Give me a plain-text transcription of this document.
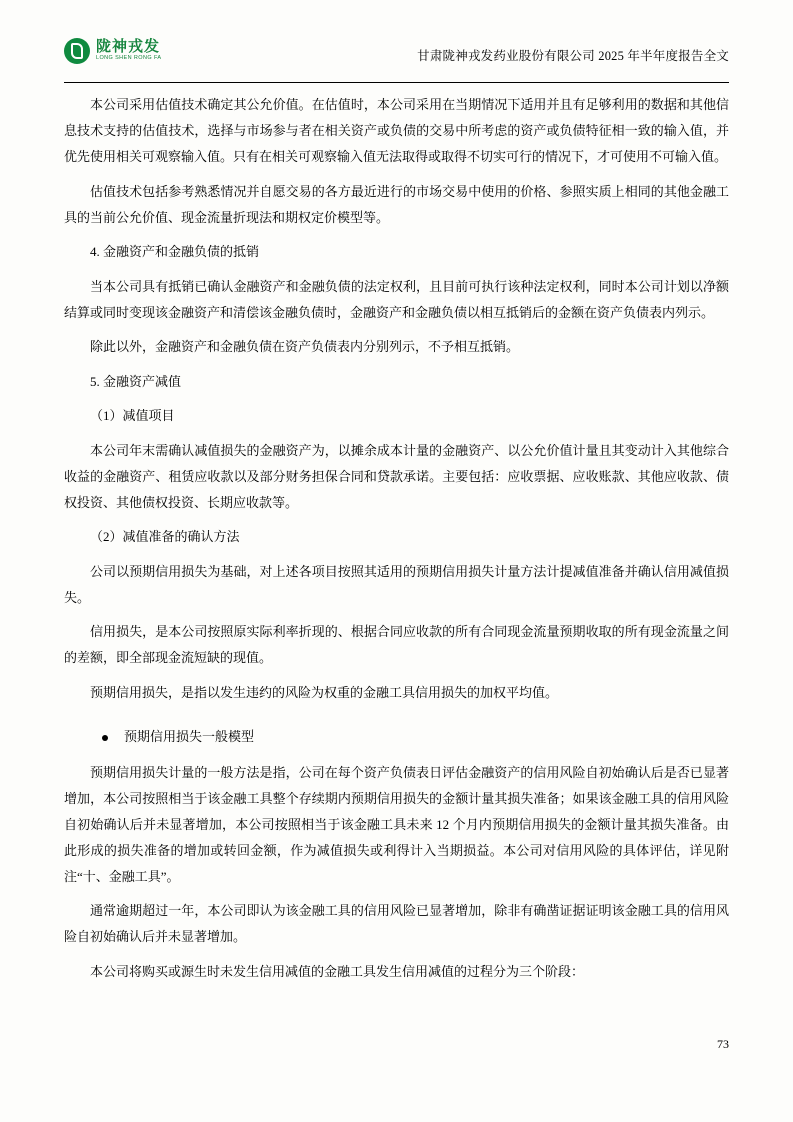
陇神戎发
LONG SHEN RONG FA	甘肃陇神戎发药业股份有限公司 2025 年半年度报告全文

本公司采用估值技术确定其公允价值。在估值时，本公司采用在当期情况下适用并且有足够利用的数据和其他信息技术支持的估值技术，选择与市场参与者在相关资产或负债的交易中所考虑的资产或负债特征相一致的输入值，并优先使用相关可观察输入值。只有在相关可观察输入值无法取得或取得不切实可行的情况下，才可使用不可输入值。

估值技术包括参考熟悉情况并自愿交易的各方最近进行的市场交易中使用的价格、参照实质上相同的其他金融工具的当前公允价值、现金流量折现法和期权定价模型等。

4. 金融资产和金融负债的抵销

当本公司具有抵销已确认金融资产和金融负债的法定权利，且目前可执行该种法定权利，同时本公司计划以净额结算或同时变现该金融资产和清偿该金融负债时，金融资产和金融负债以相互抵销后的金额在资产负债表内列示。

除此以外，金融资产和金融负债在资产负债表内分别列示，不予相互抵销。

5. 金融资产减值

（1）减值项目

本公司年末需确认减值损失的金融资产为，以摊余成本计量的金融资产、以公允价值计量且其变动计入其他综合收益的金融资产、租赁应收款以及部分财务担保合同和贷款承诺。主要包括：应收票据、应收账款、其他应收款、债权投资、其他债权投资、长期应收款等。

（2）减值准备的确认方法

公司以预期信用损失为基础，对上述各项目按照其适用的预期信用损失计量方法计提减值准备并确认信用减值损失。

信用损失，是本公司按照原实际利率折现的、根据合同应收款的所有合同现金流量预期收取的所有现金流量之间的差额，即全部现金流短缺的现值。

预期信用损失，是指以发生违约的风险为权重的金融工具信用损失的加权平均值。

预期信用损失一般模型

预期信用损失计量的一般方法是指，公司在每个资产负债表日评估金融资产的信用风险自初始确认后是否已显著增加，本公司按照相当于该金融工具整个存续期内预期信用损失的金额计量其损失准备；如果该金融工具的信用风险自初始确认后并未显著增加，本公司按照相当于该金融工具未来 12 个月内预期信用损失的金额计量其损失准备。由此形成的损失准备的增加或转回金额，作为减值损失或利得计入当期损益。本公司对信用风险的具体评估，详见附注“十、金融工具”。

通常逾期超过一年，本公司即认为该金融工具的信用风险已显著增加，除非有确凿证据证明该金融工具的信用风险自初始确认后并未显著增加。

本公司将购买或源生时未发生信用减值的金融工具发生信用减值的过程分为三个阶段：

73
